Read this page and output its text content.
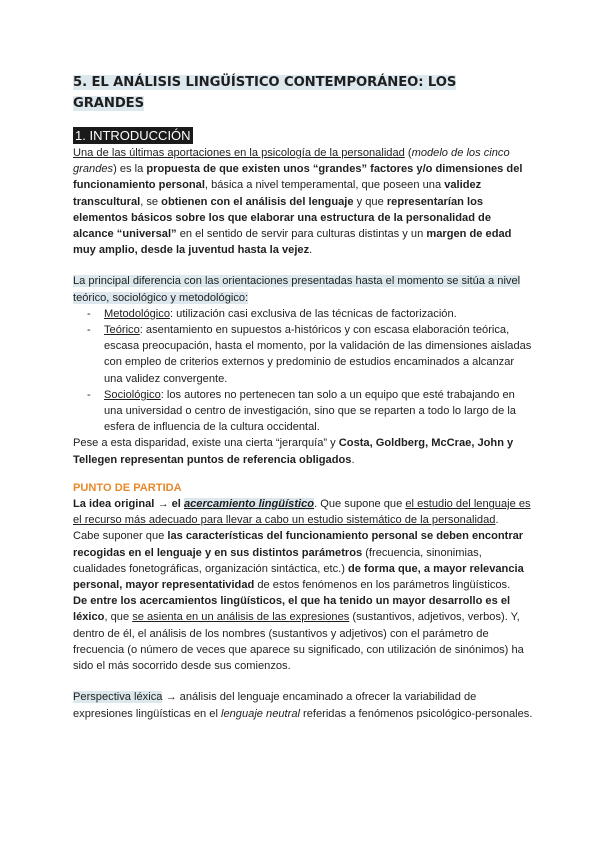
5. EL ANÁLISIS LINGÜÍSTICO CONTEMPORÁNEO: LOS
GRANDES
1. INTRODUCCIÓN

Una de las últimas aportaciones en la psicología de la personalidad (modelo de los cinco grandes) es la propuesta de que existen unos “grandes” factores y/o dimensiones del funcionamiento personal, básica a nivel temperamental, que poseen una validez transcultural, se obtienen con el análisis del lenguaje y que representarían los elementos básicos sobre los que elaborar una estructura de la personalidad de alcance “universal” en el sentido de servir para culturas distintas y un margen de edad muy amplio, desde la juventud hasta la vejez.

La principal diferencia con las orientaciones presentadas hasta el momento se sitúa a nivel teórico, sociológico y metodológico:

- Metodológico: utilización casi exclusiva de las técnicas de factorización.
- Teórico: asentamiento en supuestos a-históricos y con escasa elaboración teórica, escasa preocupación, hasta el momento, por la validación de las dimensiones aisladas con empleo de criterios externos y predominio de estudios encaminados a alcanzar una validez convergente.
- Sociológico: los autores no pertenecen tan solo a un equipo que esté trabajando en una universidad o centro de investigación, sino que se reparten a todo lo largo de la esfera de influencia de la cultura occidental.

Pese a esta disparidad, existe una cierta “jerarquía” y Costa, Goldberg, McCrae, John y Tellegen representan puntos de referencia obligados.

PUNTO DE PARTIDA

La idea original → el acercamiento lingüístico. Que supone que el estudio del lenguaje es el recurso más adecuado para llevar a cabo un estudio sistemático de la personalidad.

Cabe suponer que las características del funcionamiento personal se deben encontrar recogidas en el lenguaje y en sus distintos parámetros (frecuencia, sinonimias, cualidades fonetográficas, organización sintáctica, etc.) de forma que, a mayor relevancia personal, mayor representatividad de estos fenómenos en los parámetros lingüísticos.

De entre los acercamientos lingüísticos, el que ha tenido un mayor desarrollo es el léxico, que se asienta en un análisis de las expresiones (sustantivos, adjetivos, verbos). Y, dentro de él, el análisis de los nombres (sustantivos y adjetivos) con el parámetro de frecuencia (o número de veces que aparece su significado, con utilización de sinónimos) ha sido el más socorrido desde sus comienzos.

Perspectiva léxica → análisis del lenguaje encaminado a ofrecer la variabilidad de expresiones lingüísticas en el lenguaje neutral referidas a fenómenos psicológico-personales.
